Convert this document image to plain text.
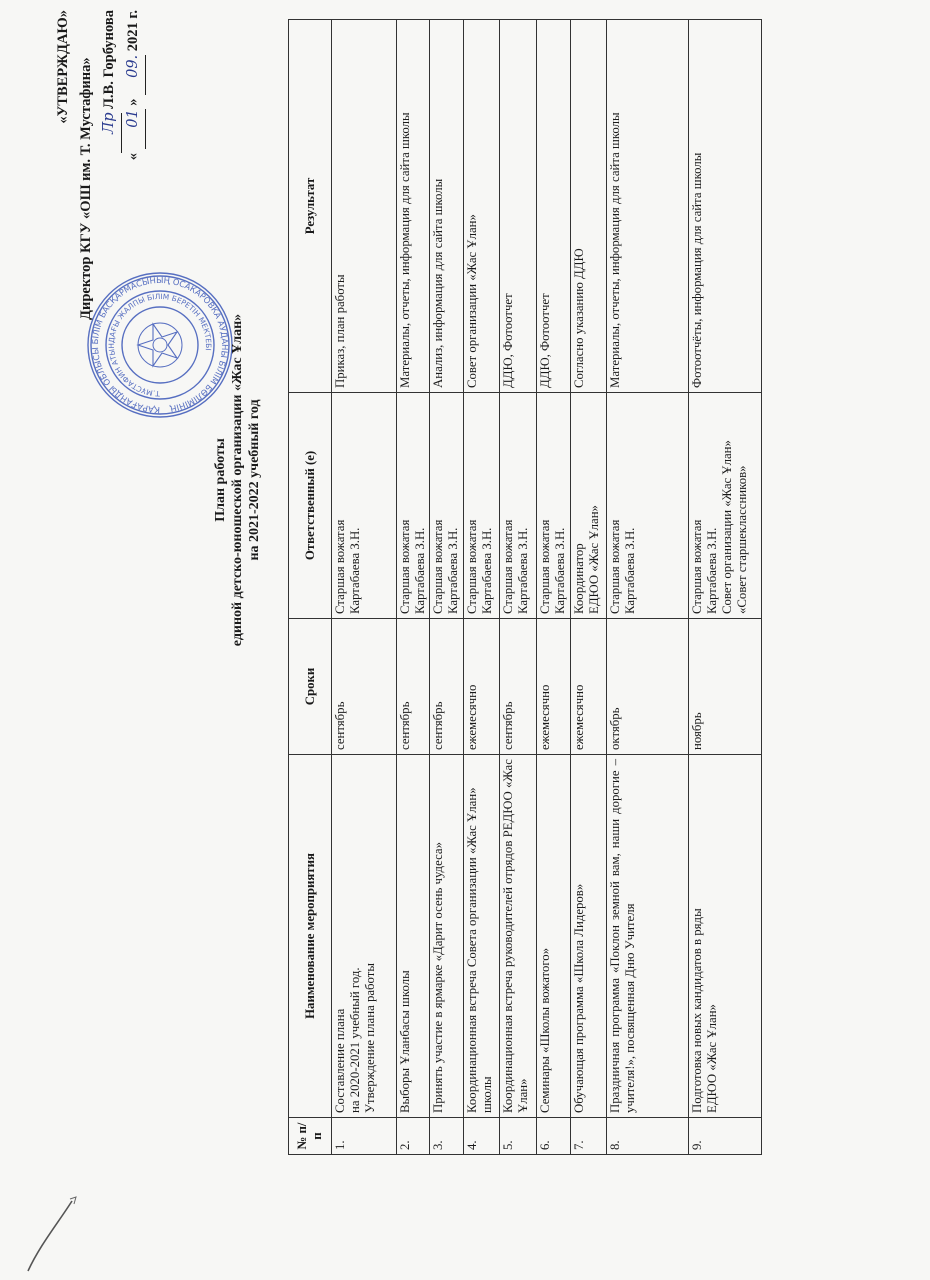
«УТВЕРЖДАЮ» Директор КГУ «ОШ им. Т. Мустафина» Лр Л.В. Горбунова
« 01 » 09. 2021 г.
ҚАРАҒАНДЫ ОБЛЫСЫ БІЛІМ БАСҚАРМАСЫНЫҢ ОСАКАРОВКА АУДАНЫ БІЛІМ БӨЛІМІНІҢ
Т.МҰСТАФИН АТЫНДАҒЫ ЖАЛПЫ БІЛІМ БЕРЕТІН МЕКТЕБІ
План работы единой детско-юношеской организации «Жас Ұлан» на 2021-2022 учебный год
№ п/п	Наименование мероприятия	Сроки	Ответственный (е)	Результат
1.	Составление плана
на 2020-2021 учебный год.
Утверждение плана работы	сентябрь	Старшая вожатая
Картабаева З.Н.	Приказ, план работы
2.	Выборы Ұланбасы школы	сентябрь	Старшая вожатая
Картабаева З.Н.	Материалы, отчеты, информация для сайта школы
3.	Принять участие в ярмарке «Дарит осень чудеса»	сентябрь	Старшая вожатая
Картабаева З.Н.	Анализ, информация для сайта школы
4.	Координационная встреча Совета организации «Жас Ұлан» школы	ежемесячно	Старшая вожатая
Картабаева З.Н.	Совет организации «Жас Ұлан»
5.	Координационная встреча руководителей отрядов РЕДЮО «Жас Ұлан»	сентябрь	Старшая вожатая
Картабаева З.Н.	ДДЮ, Фотоотчет
6.	Семинары «Школы вожатого»	ежемесячно	Старшая вожатая
Картабаева З.Н.	ДДЮ, Фотоотчет
7.	Обучающая программа «Школа Лидеров»	ежемесячно	Координатор
ЕДЮО «Жас Ұлан»	Согласно указанию ДДЮ
8.	Праздничная программа «Поклон земной вам, наши дорогие – учителя!», посвященная Дню Учителя	октябрь	Старшая вожатая
Картабаева З.Н.	Материалы, отчеты, информация для сайта школы
9.	Подготовка новых кандидатов в ряды
ЕДЮО «Жас Ұлан»	ноябрь	Старшая вожатая
Картабаева З.Н.
Совет организации «Жас Ұлан»
«Совет старшеклассников»	Фотоотчёты, информация для сайта школы
